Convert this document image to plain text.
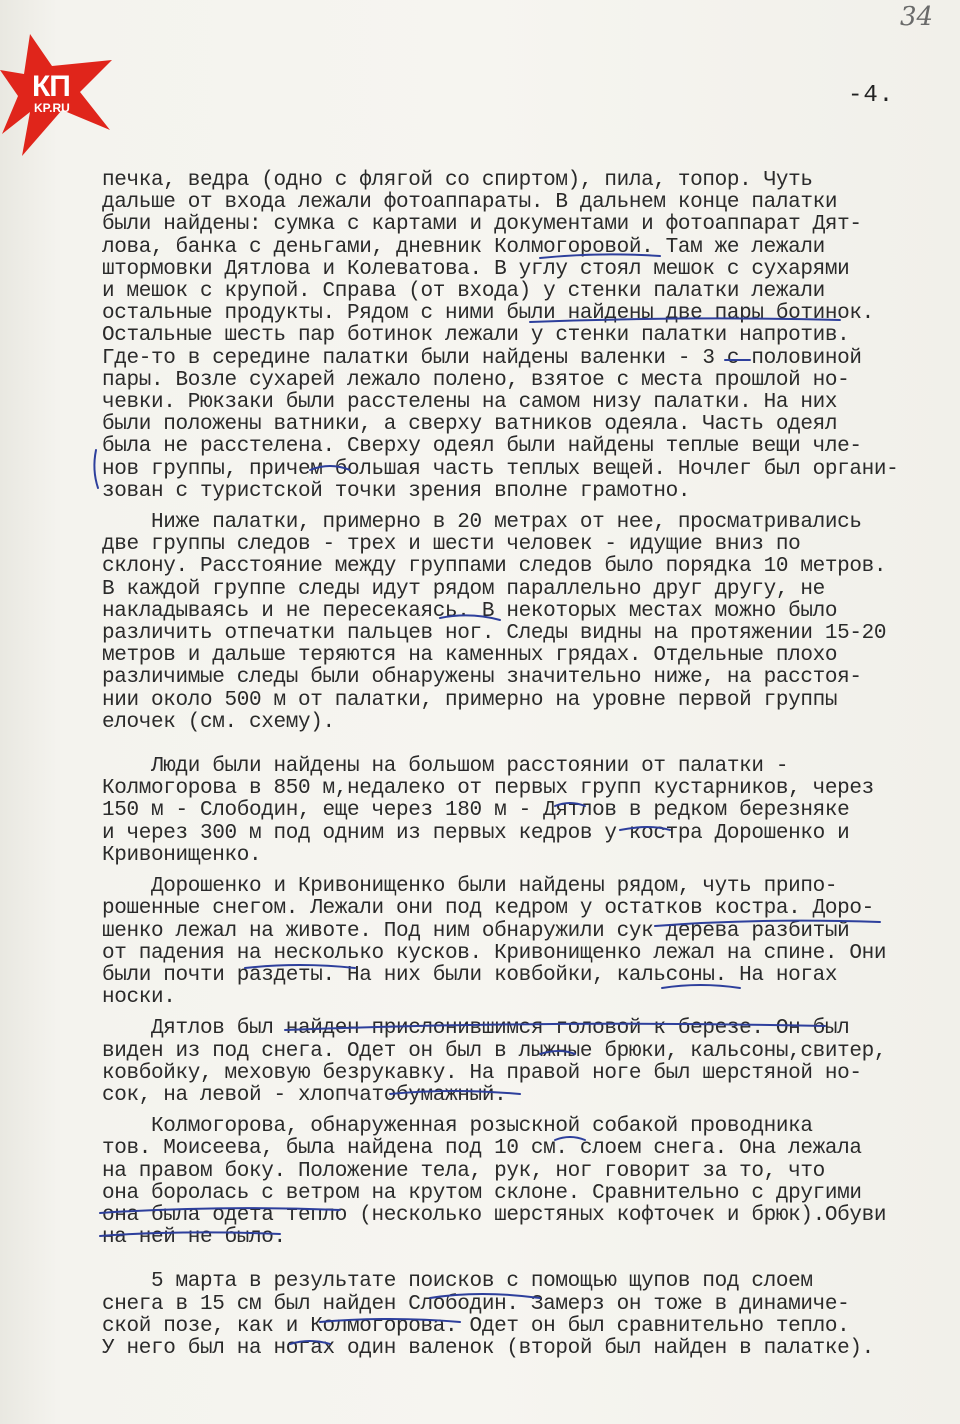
КП
KP.RU
34
-4.
печка, ведра (одно с флягой со спиртом), пила, топор. Чуть
дальше от входа лежали фотоаппараты. В дальнем конце палатки
были найдены: сумка с картами и документами и фотоаппарат Дят-
лова, банка с деньгами, дневник Колмогоровой. Там же лежали
штормовки Дятлова и Колеватова. В углу стоял мешок с сухарями
и мешок с крупой. Справа (от входа) у стенки палатки лежали
остальные продукты. Рядом с ними были найдены две пары ботинок.
Остальные шесть пар ботинок лежали у стенки палатки напротив.
Где-то в середине палатки были найдены валенки - 3 с половиной
пары. Возле сухарей лежало полено, взятое с места прошлой но-
чевки. Рюкзаки были расстелены на самом низу палатки. На них
были положены ватники, а сверху ватников одеяла. Часть одеял
была не расстелена. Сверху одеял были найдены теплые вещи чле-
нов группы, причем большая часть теплых вещей. Ночлег был органи-
зован с туристской точки зрения вполне грамотно.
Ниже палатки, примерно в 20 метрах от нее, просматривались
две группы следов - трех и шести человек - идущие вниз по
склону. Расстояние между группами следов было порядка 10 метров.
В каждой группе следы идут рядом параллельно друг другу, не
накладываясь и не пересекаясь. В некоторых местах можно было
различить отпечатки пальцев ног. Следы видны на протяжении 15-20
метров и дальше теряются на каменных грядах. Отдельные плохо
различимые следы были обнаружены значительно ниже, на расстоя-
нии около 500 м от палатки, примерно на уровне первой группы
елочек (см. схему).
Люди были найдены на большом расстоянии от палатки -
Колмогорова в 850 м,недалеко от первых групп кустарников, через
150 м - Слободин, еще через 180 м - Дятлов в редком березняке
и через 300 м под одним из первых кедров у костра Дорошенко и
Кривонищенко.
Дорошенко и Кривонищенко были найдены рядом, чуть припо-
рошенные снегом. Лежали они под кедром у остатков костра. Доро-
шенко лежал на животе. Под ним обнаружили сук дерева разбитый
от падения на несколько кусков. Кривонищенко лежал на спине. Они
были почти раздеты. На них были ковбойки, кальсоны. На ногах
носки.
Дятлов был найден прислонившимся головой к березе. Он был
виден из под снега. Одет он был в лыжные брюки, кальсоны,свитер,
ковбойку, меховую безрукавку. На правой ноге был шерстяной но-
сок, на левой - хлопчатобумажный.
Колмогорова, обнаруженная розыскной собакой проводника
тов. Моисеева, была найдена под 10 см. слоем снега. Она лежала
на правом боку. Положение тела, рук, ног говорит за то, что
она боролась с ветром на крутом склоне. Сравнительно с другими
она была одета тепло (несколько шерстяных кофточек и брюк).Обуви
на ней не было.
5 марта в результате поисков с помощью щупов под слоем
снега в 15 см был найден Слободин. Замерз он тоже в динамиче-
ской позе, как и Колмогорова. Одет он был сравнительно тепло.
У него был на ногах один валенок (второй был найден в палатке).
